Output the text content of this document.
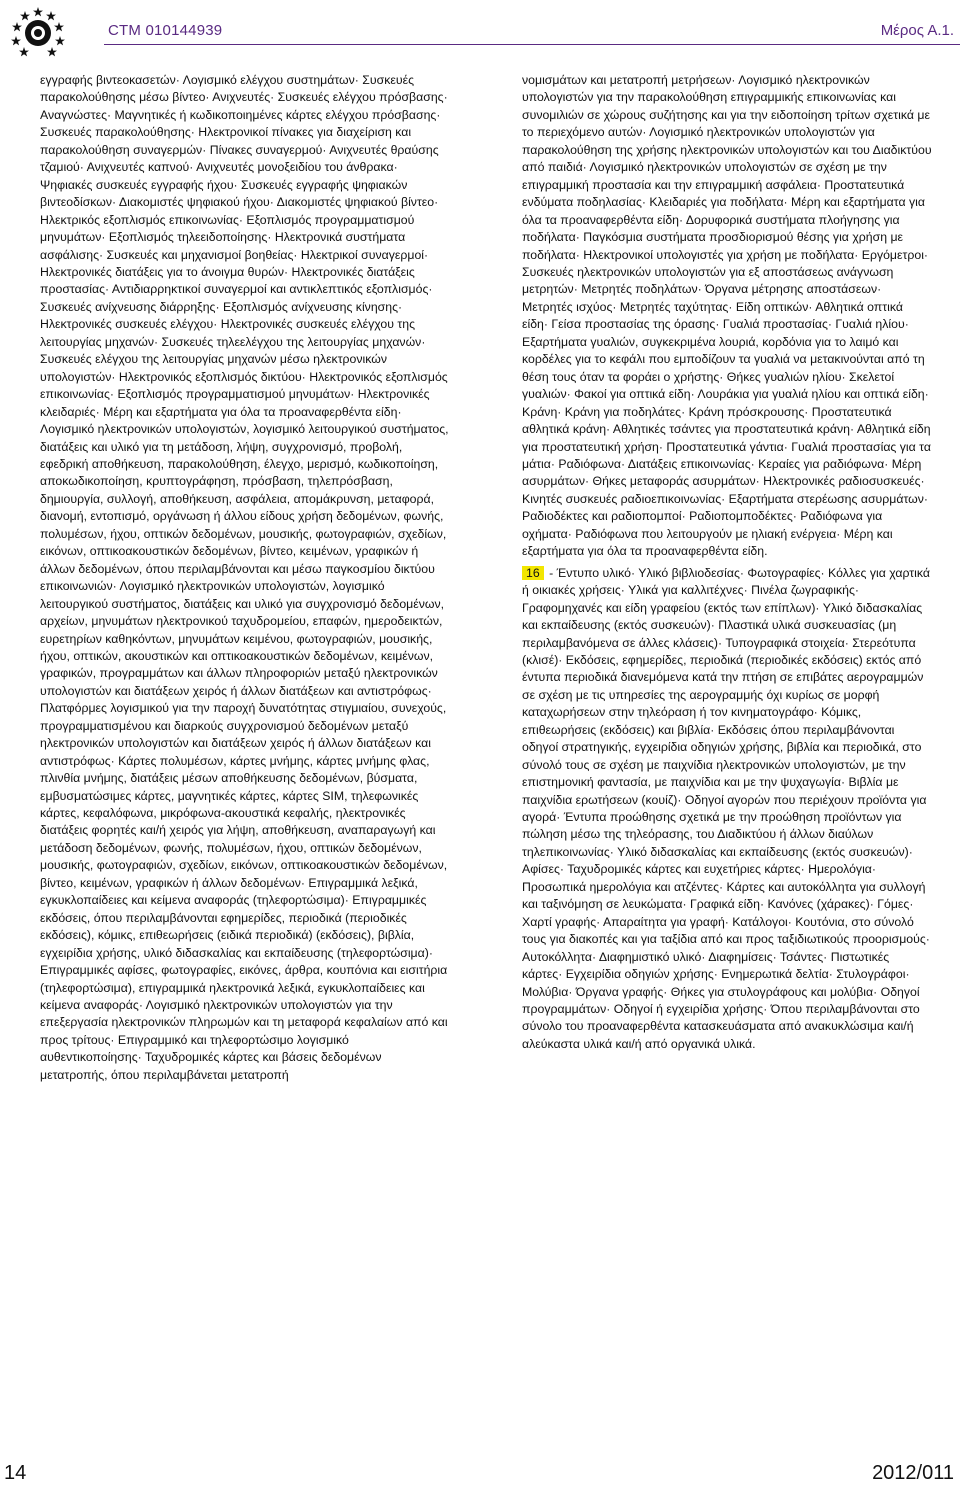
CTM 010144939	Μέρος Α.1.

εγγραφής βιντεοκασετών· Λογισμικό ελέγχου συστημάτων· Συσκευές παρακολούθησης μέσω βίντεο· Ανιχνευτές· Συσκευές ελέγχου πρόσβασης· Αναγνώστες· Μαγνητικές ή κωδικοποιημένες κάρτες ελέγχου πρόσβασης· Συσκευές παρακολούθησης· Ηλεκτρονικοί πίνακες για διαχείριση και παρακολούθηση συναγερμών· Πίνακες συναγερμού· Ανιχνευτές θραύσης τζαμιού· Ανιχνευτές καπνού· Ανιχνευτές μονοξειδίου του άνθρακα· Ψηφιακές συσκευές εγγραφής ήχου· Συσκευές εγγραφής ψηφιακών βιντεοδίσκων· Διακομιστές ψηφιακού ήχου· Διακομιστές ψηφιακού βίντεο· Ηλεκτρικός εξοπλισμός επικοινωνίας· Εξοπλισμός προγραμματισμού μηνυμάτων· Εξοπλισμός τηλεειδοποίησης· Ηλεκτρονικά συστήματα ασφάλισης· Συσκευές και μηχανισμοί βοηθείας· Ηλεκτρικοί συναγερμοί· Ηλεκτρονικές διατάξεις για το άνοιγμα θυρών· Ηλεκτρονικές διατάξεις προστασίας· Αντιδιαρρηκτικοί συναγερμοί και αντικλεπτικός εξοπλισμός· Συσκευές ανίχνευσης διάρρηξης· Εξοπλισμός ανίχνευσης κίνησης· Ηλεκτρονικές συσκευές ελέγχου· Ηλεκτρονικές συσκευές ελέγχου της λειτουργίας μηχανών· Συσκευές τηλεελέγχου της λειτουργίας μηχανών· Συσκευές ελέγχου της λειτουργίας μηχανών μέσω ηλεκτρονικών υπολογιστών· Ηλεκτρονικός εξοπλισμός δικτύου· Ηλεκτρονικός εξοπλισμός επικοινωνίας· Εξοπλισμός προγραμματισμού μηνυμάτων· Ηλεκτρονικές κλειδαριές· Μέρη και εξαρτήματα για όλα τα προαναφερθέντα είδη· Λογισμικό ηλεκτρονικών υπολογιστών, λογισμικό λειτουργικού συστήματος, διατάξεις και υλικό για τη μετάδοση, λήψη, συγχρονισμό, προβολή, εφεδρική αποθήκευση, παρακολούθηση, έλεγχο, μερισμό, κωδικοποίηση, αποκωδικοποίηση, κρυπτογράφηση, πρόσβαση, τηλεπρόσβαση, δημιουργία, συλλογή, αποθήκευση, ασφάλεια, απομάκρυνση, μεταφορά, διανομή, εντοπισμό, οργάνωση ή άλλου είδους χρήση δεδομένων, φωνής, πολυμέσων, ήχου, οπτικών δεδομένων, μουσικής, φωτογραφιών, σχεδίων, εικόνων, οπτικοακουστικών δεδομένων, βίντεο, κειμένων, γραφικών ή άλλων δεδομένων, όπου περιλαμβάνονται και μέσω παγκοσμίου δικτύου επικοινωνιών· Λογισμικό ηλεκτρονικών υπολογιστών, λογισμικό λειτουργικού συστήματος, διατάξεις και υλικό για συγχρονισμό δεδομένων, αρχείων, μηνυμάτων ηλεκτρονικού ταχυδρομείου, επαφών, ημεροδεικτών, ευρετηρίων καθηκόντων, μηνυμάτων κειμένου, φωτογραφιών, μουσικής, ήχου, οπτικών, ακουστικών και οπτικοακουστικών δεδομένων, κειμένων, γραφικών, προγραμμάτων και άλλων πληροφοριών μεταξύ ηλεκτρονικών υπολογιστών και διατάξεων χειρός ή άλλων διατάξεων και αντιστρόφως· Πλατφόρμες λογισμικού για την παροχή δυνατότητας στιγμιαίου, συνεχούς, προγραμματισμένου και διαρκούς συγχρονισμού δεδομένων μεταξύ ηλεκτρονικών υπολογιστών και διατάξεων χειρός ή άλλων διατάξεων και αντιστρόφως· Κάρτες πολυμέσων, κάρτες μνήμης, κάρτες μνήμης φλας, πλινθία μνήμης, διατάξεις μέσων αποθήκευσης δεδομένων, βύσματα, εμβυσματώσιμες κάρτες, μαγνητικές κάρτες, κάρτες SIM, τηλεφωνικές κάρτες, κεφαλόφωνα, μικρόφωνα-ακουστικά κεφαλής, ηλεκτρονικές διατάξεις φορητές και/ή χειρός για λήψη, αποθήκευση, αναπαραγωγή και μετάδοση δεδομένων, φωνής, πολυμέσων, ήχου, οπτικών δεδομένων, μουσικής, φωτογραφιών, σχεδίων, εικόνων, οπτικοακουστικών δεδομένων, βίντεο, κειμένων, γραφικών ή άλλων δεδομένων· Επιγραμμικά λεξικά, εγκυκλοπαίδειες και κείμενα αναφοράς (τηλεφορτώσιμα)· Επιγραμμικές εκδόσεις, όπου περιλαμβάνονται εφημερίδες, περιοδικά (περιοδικές εκδόσεις), κόμικς, επιθεωρήσεις (ειδικά περιοδικά) (εκδόσεις), βιβλία, εγχειρίδια χρήσης, υλικό διδασκαλίας και εκπαίδευσης (τηλεφορτώσιμα)· Επιγραμμικές αφίσες, φωτογραφίες, εικόνες, άρθρα, κουπόνια και εισιτήρια (τηλεφορτώσιμα), επιγραμμικά ηλεκτρονικά λεξικά, εγκυκλοπαίδειες και κείμενα αναφοράς· Λογισμικό ηλεκτρονικών υπολογιστών για την επεξεργασία ηλεκτρονικών πληρωμών και τη μεταφορά κεφαλαίων από και προς τρίτους· Επιγραμμικό και τηλεφορτώσιμο λογισμικό αυθεντικοποίησης· Ταχυδρομικές κάρτες και βάσεις δεδομένων μετατροπής, όπου περιλαμβάνεται μετατροπή

νομισμάτων και μετατροπή μετρήσεων· Λογισμικό ηλεκτρονικών υπολογιστών για την παρακολούθηση επιγραμμικής επικοινωνίας και συνομιλιών σε χώρους συζήτησης και για την ειδοποίηση τρίτων σχετικά με το περιεχόμενο αυτών· Λογισμικό ηλεκτρονικών υπολογιστών για παρακολούθηση της χρήσης ηλεκτρονικών υπολογιστών και του Διαδικτύου από παιδιά· Λογισμικό ηλεκτρονικών υπολογιστών σε σχέση με την επιγραμμική προστασία και την επιγραμμική ασφάλεια· Προστατευτικά ενδύματα ποδηλασίας· Κλειδαριές για ποδήλατα· Μέρη και εξαρτήματα για όλα τα προαναφερθέντα είδη· Δορυφορικά συστήματα πλοήγησης για ποδήλατα· Παγκόσμια συστήματα προσδιορισμού θέσης για χρήση με ποδήλατα· Ηλεκτρονικοί υπολογιστές για χρήση με ποδήλατα· Εργόμετροι· Συσκευές ηλεκτρονικών υπολογιστών για εξ αποστάσεως ανάγνωση μετρητών· Μετρητές ποδηλάτων· Όργανα μέτρησης αποστάσεων· Μετρητές ισχύος· Μετρητές ταχύτητας· Είδη οπτικών· Αθλητικά οπτικά είδη· Γείσα προστασίας της όρασης· Γυαλιά προστασίας· Γυαλιά ηλίου· Εξαρτήματα γυαλιών, συγκεκριμένα λουριά, κορδόνια για το λαιμό και κορδέλες για το κεφάλι που εμποδίζουν τα γυαλιά να μετακινούνται από τη θέση τους όταν τα φοράει ο χρήστης· Θήκες γυαλιών ηλίου· Σκελετοί γυαλιών· Φακοί για οπτικά είδη· Λουράκια για γυαλιά ηλίου και οπτικά είδη· Κράνη· Κράνη για ποδηλάτες· Κράνη πρόσκρουσης· Προστατευτικά αθλητικά κράνη· Αθλητικές τσάντες για προστατευτικά κράνη· Αθλητικά είδη για προστατευτική χρήση· Προστατευτικά γάντια· Γυαλιά προστασίας για τα μάτια· Ραδιόφωνα· Διατάξεις επικοινωνίας· Κεραίες για ραδιόφωνα· Μέρη ασυρμάτων· Θήκες μεταφοράς ασυρμάτων· Ηλεκτρονικές ραδιοσυσκευές· Κινητές συσκευές ραδιοεπικοινωνίας· Εξαρτήματα στερέωσης ασυρμάτων· Ραδιοδέκτες και ραδιοπομποί· Ραδιοπομποδέκτες· Ραδιόφωνα για οχήματα· Ραδιόφωνα που λειτουργούν με ηλιακή ενέργεια· Μέρη και εξαρτήματα για όλα τα προαναφερθέντα είδη.

16 - Έντυπο υλικό· Υλικό βιβλιοδεσίας· Φωτογραφίες· Κόλλες για χαρτικά ή οικιακές χρήσεις· Υλικά για καλλιτέχνες· Πινέλα ζωγραφικής· Γραφομηχανές και είδη γραφείου (εκτός των επίπλων)· Υλικό διδασκαλίας και εκπαίδευσης (εκτός συσκευών)· Πλαστικά υλικά συσκευασίας (μη περιλαμβανόμενα σε άλλες κλάσεις)· Τυπογραφικά στοιχεία· Στερεότυπα (κλισέ)· Εκδόσεις, εφημερίδες, περιοδικά (περιοδικές εκδόσεις) εκτός από έντυπα περιοδικά διανεμόμενα κατά την πτήση σε επιβάτες αερογραμμών σε σχέση με τις υπηρεσίες της αερογραμμής όχι κυρίως σε μορφή καταχωρήσεων στην τηλεόραση ή τον κινηματογράφο· Κόμικς, επιθεωρήσεις (εκδόσεις) και βιβλία· Εκδόσεις όπου περιλαμβάνονται οδηγοί στρατηγικής, εγχειρίδια οδηγιών χρήσης, βιβλία και περιοδικά, στο σύνολό τους σε σχέση με παιχνίδια ηλεκτρονικών υπολογιστών, με την επιστημονική φαντασία, με παιχνίδια και με την ψυχαγωγία· Βιβλία με παιχνίδια ερωτήσεων (κουίζ)· Οδηγοί αγορών που περιέχουν προϊόντα για αγορά· Έντυπα προώθησης σχετικά με την προώθηση προϊόντων για πώληση μέσω της τηλεόρασης, του Διαδικτύου ή άλλων διαύλων τηλεπικοινωνίας· Υλικό διδασκαλίας και εκπαίδευσης (εκτός συσκευών)· Αφίσες· Ταχυδρομικές κάρτες και ευχετήριες κάρτες· Ημερολόγια· Προσωπικά ημερολόγια και ατζέντες· Κάρτες και αυτοκόλλητα για συλλογή και ταξινόμηση σε λευκώματα· Γραφικά είδη· Κανόνες (χάρακες)· Γόμες· Χαρτί γραφής· Απαραίτητα για γραφή· Κατάλογοι· Κουτόνια, στο σύνολό τους για διακοπές και για ταξίδια από και προς ταξιδιωτικούς προορισμούς· Αυτοκόλλητα· Διαφημιστικό υλικό· Διαφημίσεις· Τσάντες· Πιστωτικές κάρτες· Εγχειρίδια οδηγιών χρήσης· Ενημερωτικά δελτία· Στυλογράφοι· Μολύβια· Όργανα γραφής· Θήκες για στυλογράφους και μολύβια· Οδηγοί προγραμμάτων· Οδηγοί ή εγχειρίδια χρήσης· Όπου περιλαμβάνονται στο σύνολο του προαναφερθέντα κατασκευάσματα από ανακυκλώσιμα και/ή αλεύκαστα υλικά και/ή από οργανικά υλικά.

14	2012/011
